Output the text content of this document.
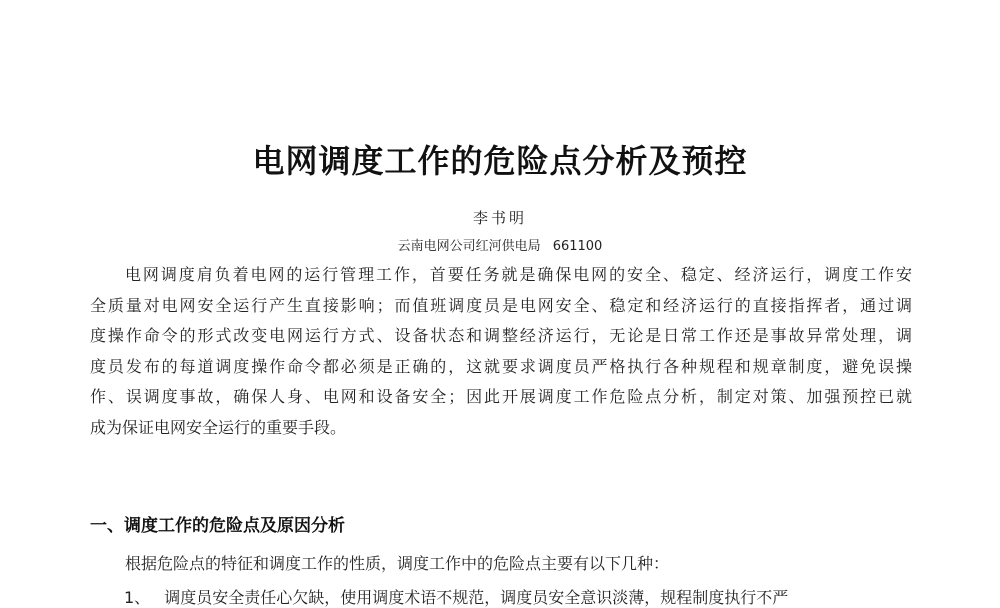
电网调度工作的危险点分析及预控
李书明
云南电网公司红河供电局 661100
电网调度肩负着电网的运行管理工作，首要任务就是确保电网的安全、稳定、经济运行，调度工作安
全质量对电网安全运行产生直接影响；而值班调度员是电网安全、稳定和经济运行的直接指挥者，通过调
度操作命令的形式改变电网运行方式、设备状态和调整经济运行，无论是日常工作还是事故异常处理，调
度员发布的每道调度操作命令都必须是正确的，这就要求调度员严格执行各种规程和规章制度，避免误操
作、误调度事故，确保人身、电网和设备安全；因此开展调度工作危险点分析，制定对策、加强预控已就
成为保证电网安全运行的重要手段。
一、调度工作的危险点及原因分析
根据危险点的特征和调度工作的性质，调度工作中的危险点主要有以下几种：
1、 调度员安全责任心欠缺，使用调度术语不规范，调度员安全意识淡薄，规程制度执行不严
